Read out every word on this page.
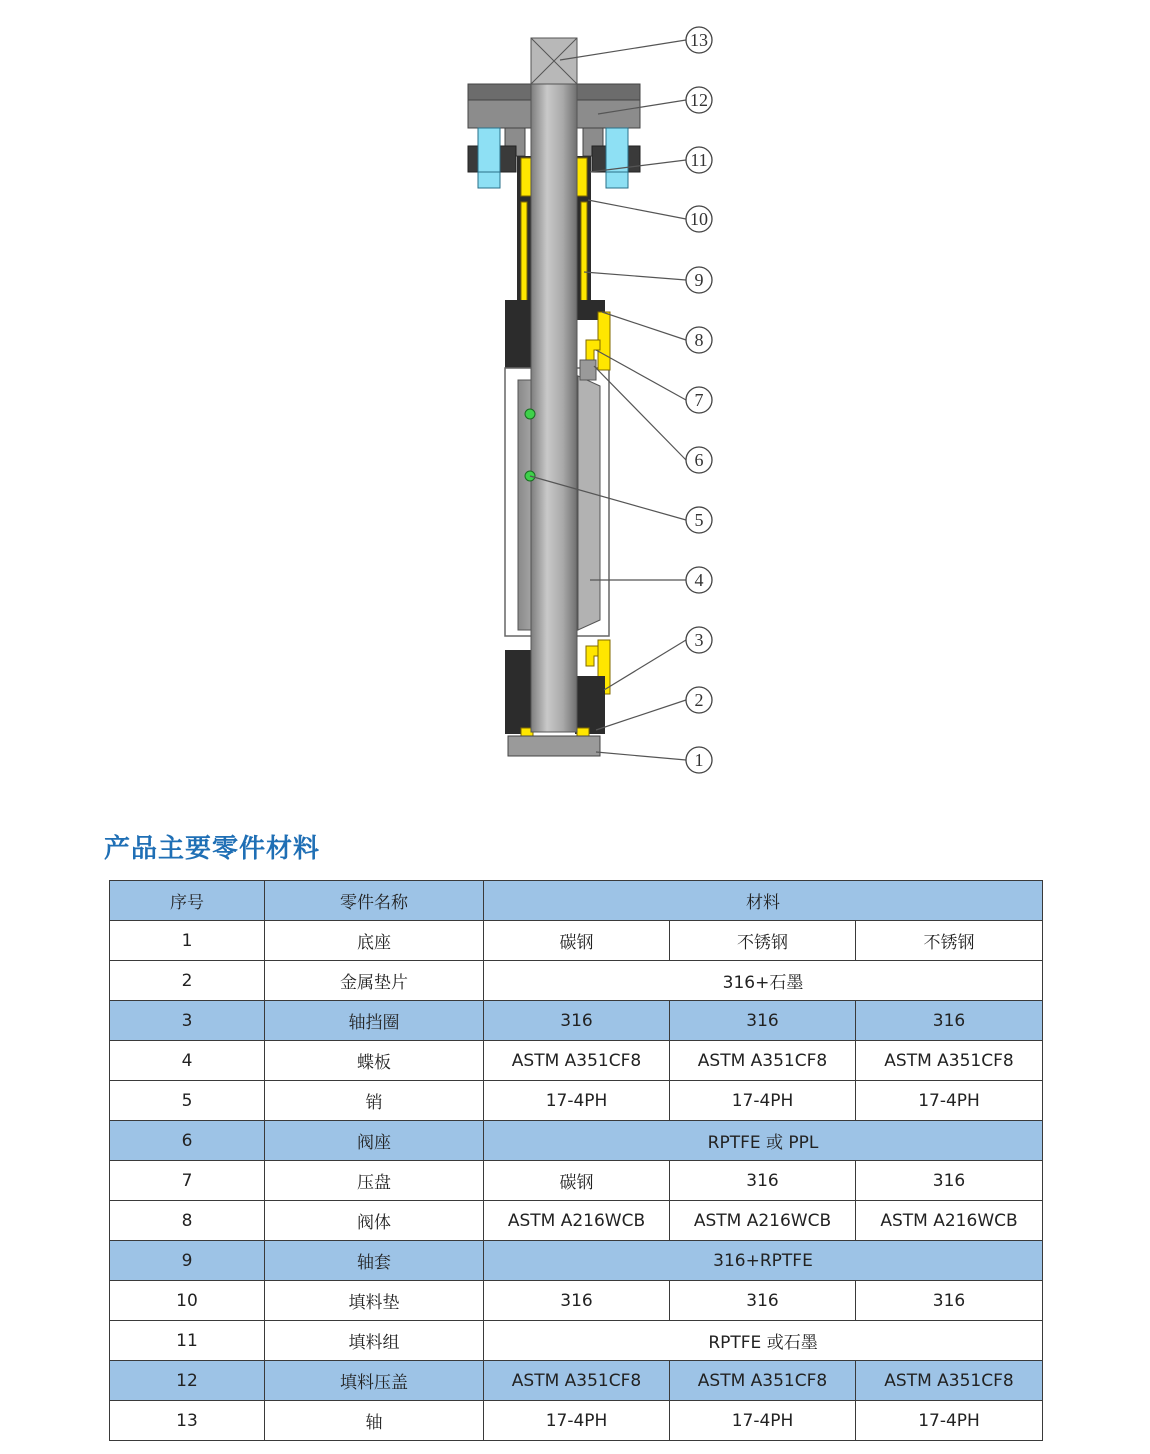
13
12
11
10
9
8
7
6
5
4
3
2
1
产品主要零件材料
序号	零件名称	材料		
1	底座	碳钢	不锈钢	不锈钢
2	金属垫片	316+石墨		
3	轴挡圈	316	316	316
4	蝶板	ASTM A351CF8	ASTM A351CF8	ASTM A351CF8
5	销	17-4PH	17-4PH	17-4PH
6	阀座	RPTFE 或 PPL		
7	压盘	碳钢	316	316
8	阀体	ASTM A216WCB	ASTM A216WCB	ASTM A216WCB
9	轴套	316+RPTFE		
10	填料垫	316	316	316
11	填料组	RPTFE 或石墨		
12	填料压盖	ASTM A351CF8	ASTM A351CF8	ASTM A351CF8
13	轴	17-4PH	17-4PH	17-4PH
